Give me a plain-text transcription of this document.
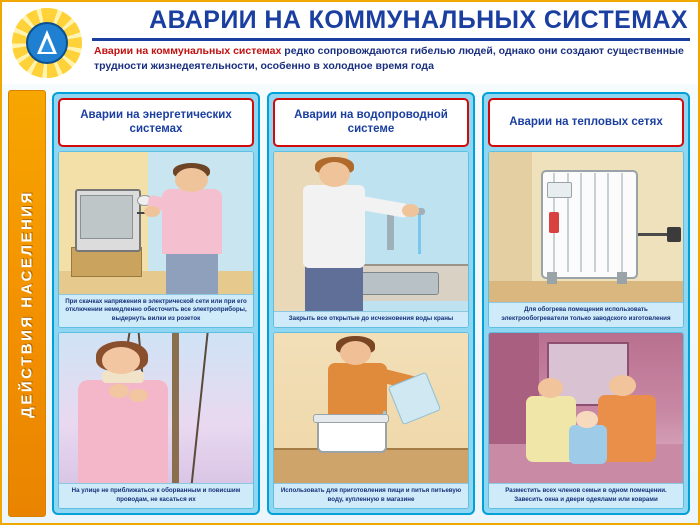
АВАРИИ НА КОММУНАЛЬНЫХ СИСТЕМАХ
Аварии на коммунальных системах редко сопровождаются гибелью людей, однако они создают существенные трудности жизнедеятельности, особенно в холодное время года
ДЕЙСТВИЯ НАСЕЛЕНИЯ
Аварии на энергетических системах
При скачках напряжения в электрической сети или при его отключении немедленно обесточить все электроприборы, выдернуть вилки из розеток
На улице не приближаться к оборванным и повисшим проводам, не касаться их
Аварии на водопроводной системе
Закрыть все открытые до исчезновения воды краны
Использовать для приготовления пищи и питья питьевую воду, купленную в магазине
Аварии на тепловых сетях
Для обогрева помещения использовать электрообогреватели только заводского изготовления
Разместить всех членов семьи в одном помещении. Завесить окна и двери одеялами или коврами
